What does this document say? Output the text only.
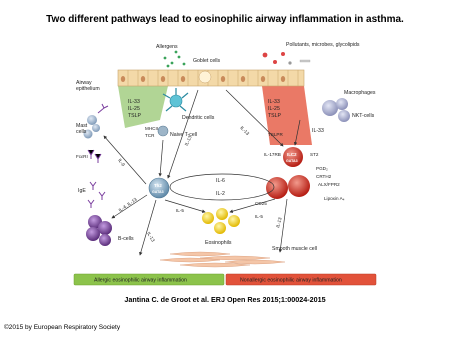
Two different pathways lead to eosinophilic airway inflammation in asthma.
Allergens
Goblet cells
Pollutants, microbes, glycolipids
Airway
epithelium
IL-33
IL-25
TSLP	Dendritic cells
MHCII
TCR	Naive T-cell
Mast
cells
FcεRI
IgE
B-cells
Th2
GATA3
ILC2
GATA3
IL-6
IL-2
CD25
IL-9
IL-13
IL-13
IL-4, IL-13	IL-5
IL-5
IL-13
IL-13
Eosinophils
Smooth muscle cell
IL-33
IL-25
TSLP
Macrophages
NKT-cells
IL-33
TSLPR
IL-17RB	ST2
PGD₂
CRTH2
ALX/FPR2
Lipoxin A₄
Allergic eosinophilic airway inflammation	Nonallergic eosinophilic airway inflammation
Jantina C. de Groot et al. ERJ Open Res 2015;1:00024-2015
©2015 by European Respiratory Society
